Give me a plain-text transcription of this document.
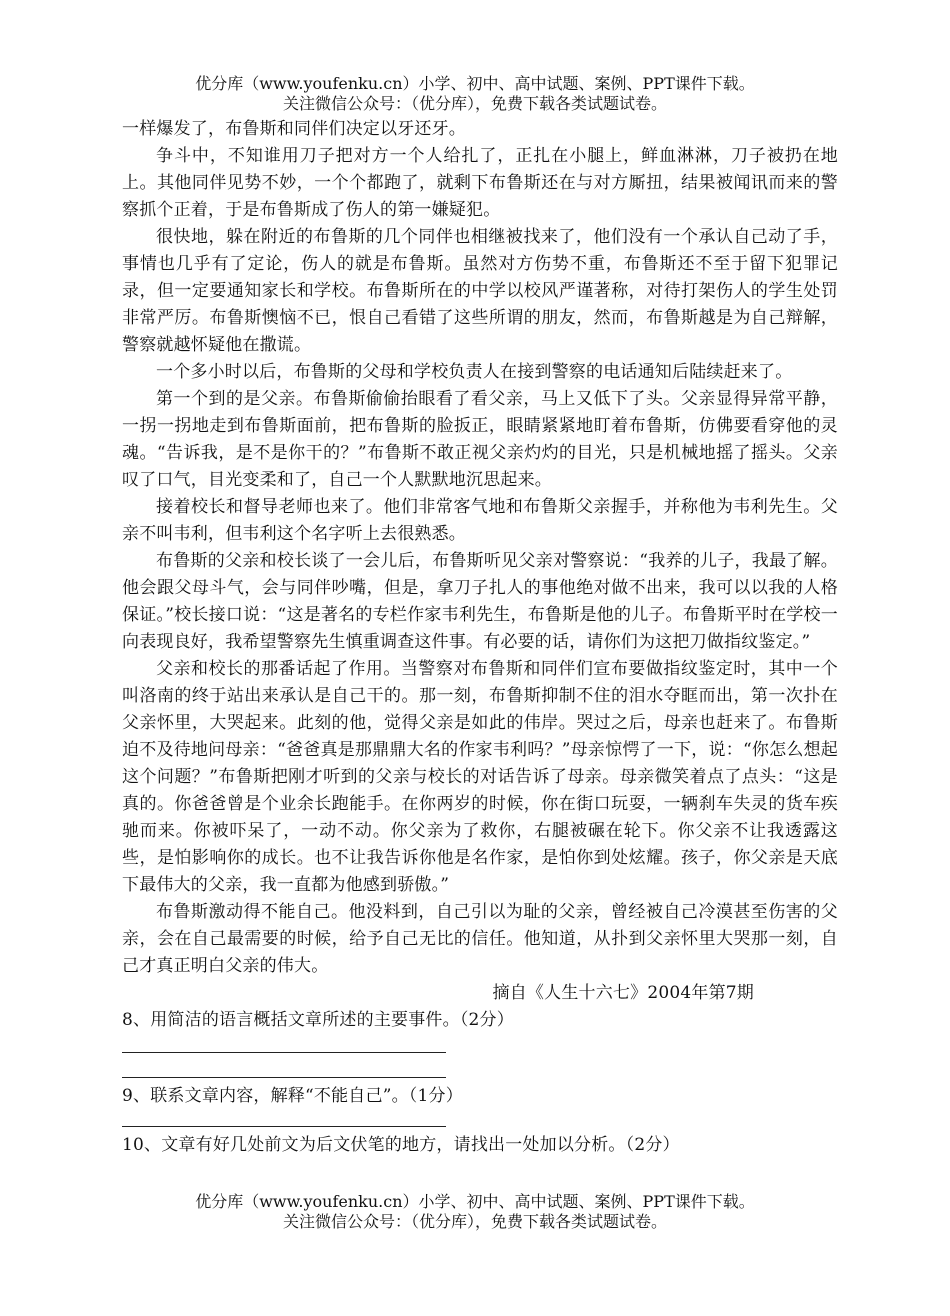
优分库（www.youfenku.cn）小学、初中、高中试题、案例、PPT课件下载。
关注微信公众号：（优分库），免费下载各类试题试卷。

一样爆发了，布鲁斯和同伴们决定以牙还牙。

争斗中，不知谁用刀子把对方一个人给扎了，正扎在小腿上，鲜血淋淋，刀子被扔在地上。其他同伴见势不妙，一个个都跑了，就剩下布鲁斯还在与对方厮扭，结果被闻讯而来的警察抓个正着，于是布鲁斯成了伤人的第一嫌疑犯。

很快地，躲在附近的布鲁斯的几个同伴也相继被找来了，他们没有一个承认自己动了手，事情也几乎有了定论，伤人的就是布鲁斯。虽然对方伤势不重，布鲁斯还不至于留下犯罪记录，但一定要通知家长和学校。布鲁斯所在的中学以校风严谨著称，对待打架伤人的学生处罚非常严厉。布鲁斯懊恼不已，恨自己看错了这些所谓的朋友，然而，布鲁斯越是为自己辩解，警察就越怀疑他在撒谎。

一个多小时以后，布鲁斯的父母和学校负责人在接到警察的电话通知后陆续赶来了。

第一个到的是父亲。布鲁斯偷偷抬眼看了看父亲，马上又低下了头。父亲显得异常平静，一拐一拐地走到布鲁斯面前，把布鲁斯的脸扳正，眼睛紧紧地盯着布鲁斯，仿佛要看穿他的灵魂。“告诉我，是不是你干的？”布鲁斯不敢正视父亲灼灼的目光，只是机械地摇了摇头。父亲叹了口气，目光变柔和了，自己一个人默默地沉思起来。

接着校长和督导老师也来了。他们非常客气地和布鲁斯父亲握手，并称他为韦利先生。父亲不叫韦利，但韦利这个名字听上去很熟悉。

布鲁斯的父亲和校长谈了一会儿后，布鲁斯听见父亲对警察说：“我养的儿子，我最了解。他会跟父母斗气，会与同伴吵嘴，但是，拿刀子扎人的事他绝对做不出来，我可以以我的人格保证。”校长接口说：“这是著名的专栏作家韦利先生，布鲁斯是他的儿子。布鲁斯平时在学校一向表现良好，我希望警察先生慎重调查这件事。有必要的话，请你们为这把刀做指纹鉴定。”

父亲和校长的那番话起了作用。当警察对布鲁斯和同伴们宣布要做指纹鉴定时，其中一个叫洛南的终于站出来承认是自己干的。那一刻，布鲁斯抑制不住的泪水夺眶而出，第一次扑在父亲怀里，大哭起来。此刻的他，觉得父亲是如此的伟岸。哭过之后，母亲也赶来了。布鲁斯迫不及待地问母亲：“爸爸真是那鼎鼎大名的作家韦利吗？”母亲惊愕了一下，说：“你怎么想起这个问题？”布鲁斯把刚才听到的父亲与校长的对话告诉了母亲。母亲微笑着点了点头：“这是真的。你爸爸曾是个业余长跑能手。在你两岁的时候，你在街口玩耍，一辆刹车失灵的货车疾驰而来。你被吓呆了，一动不动。你父亲为了救你，右腿被碾在轮下。你父亲不让我透露这些，是怕影响你的成长。也不让我告诉你他是名作家，是怕你到处炫耀。孩子，你父亲是天底下最伟大的父亲，我一直都为他感到骄傲。”

布鲁斯激动得不能自己。他没料到，自己引以为耻的父亲，曾经被自己冷漠甚至伤害的父亲，会在自己最需要的时候，给予自己无比的信任。他知道，从扑到父亲怀里大哭那一刻，自己才真正明白父亲的伟大。

摘自《人生十六七》2004年第7期

8、用简洁的语言概括文章所述的主要事件。（2分）

9、联系文章内容，解释“不能自己”。（1分）

10、文章有好几处前文为后文伏笔的地方，请找出一处加以分析。（2分）

优分库（www.youfenku.cn）小学、初中、高中试题、案例、PPT课件下载。
关注微信公众号：（优分库），免费下载各类试题试卷。
